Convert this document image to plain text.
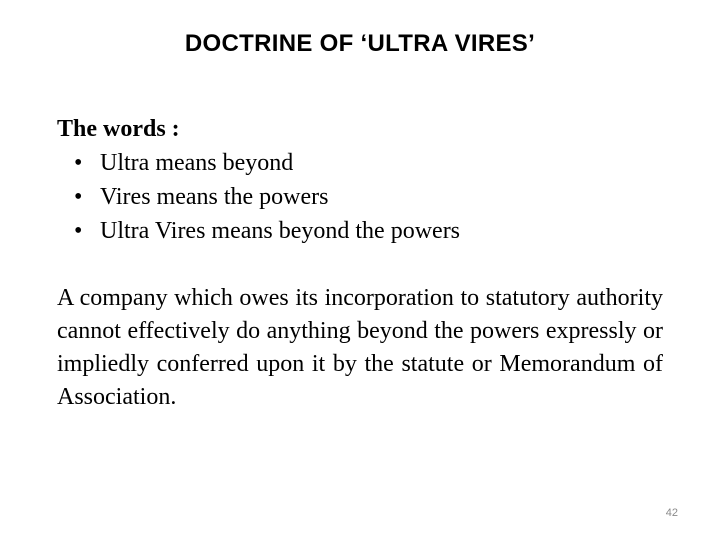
DOCTRINE OF ‘ULTRA VIRES’

The words :

• Ultra means beyond
• Vires means the powers
• Ultra Vires means beyond the powers

A company which owes its incorporation to statutory authority cannot effectively do anything beyond the powers expressly or impliedly conferred upon it by the statute or Memorandum of Association.

42
